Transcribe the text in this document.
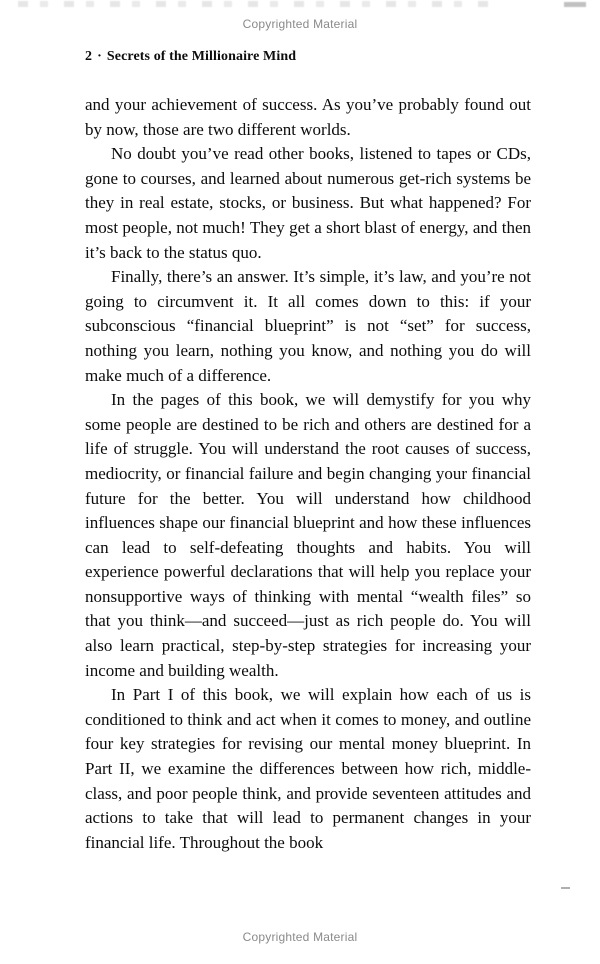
Copyrighted Material
2 · Secrets of the Millionaire Mind

and your achievement of success. As you’ve probably found out by now, those are two different worlds.

No doubt you’ve read other books, listened to tapes or CDs, gone to courses, and learned about numerous get-rich systems be they in real estate, stocks, or business. But what happened? For most people, not much! They get a short blast of energy, and then it’s back to the status quo.

Finally, there’s an answer. It’s simple, it’s law, and you’re not going to circumvent it. It all comes down to this: if your subconscious “financial blueprint” is not “set” for success, nothing you learn, nothing you know, and nothing you do will make much of a difference.

In the pages of this book, we will demystify for you why some people are destined to be rich and others are destined for a life of struggle. You will understand the root causes of success, mediocrity, or financial failure and begin changing your financial future for the better. You will understand how childhood influences shape our financial blueprint and how these influences can lead to self-defeating thoughts and habits. You will experience powerful declarations that will help you replace your nonsupportive ways of thinking with mental “wealth files” so that you think—and succeed—just as rich people do. You will also learn practical, step-by-step strategies for increasing your income and building wealth.

In Part I of this book, we will explain how each of us is conditioned to think and act when it comes to money, and outline four key strategies for revising our mental money blueprint. In Part II, we examine the differences between how rich, middle-class, and poor people think, and provide seventeen attitudes and actions to take that will lead to permanent changes in your financial life. Throughout the book

Copyrighted Material
